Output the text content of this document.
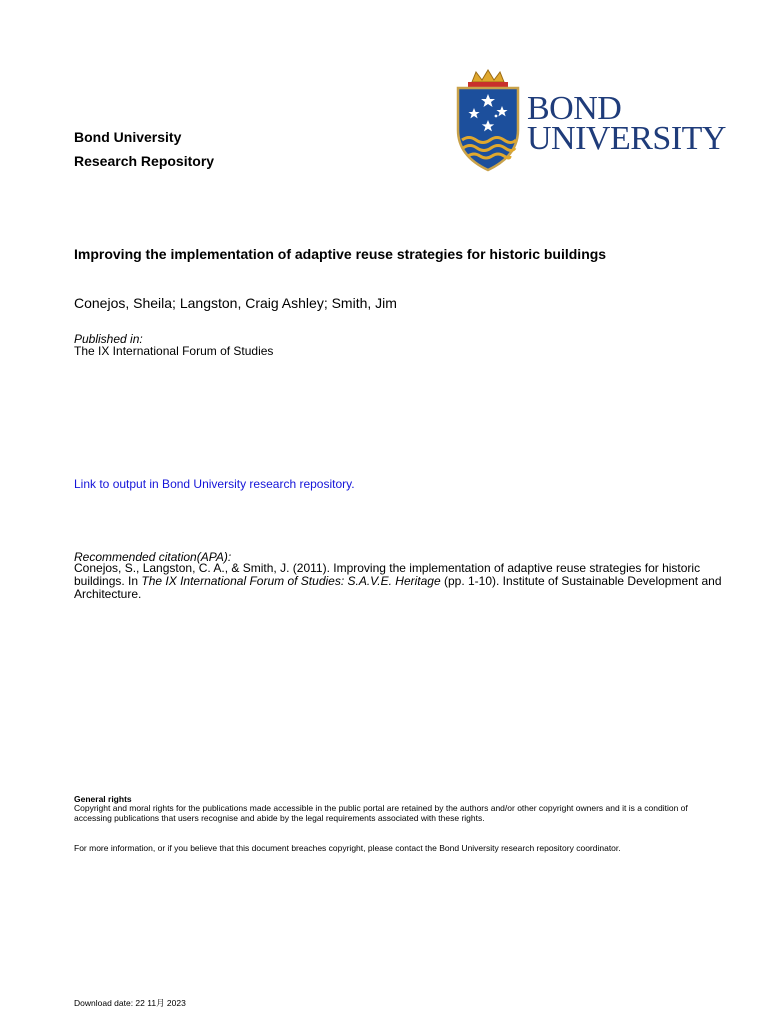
Bond University
Research Repository
BOND
UNIVERSITY
Improving the implementation of adaptive reuse strategies for historic buildings
Conejos, Sheila; Langston, Craig Ashley; Smith, Jim
Published in:
The IX International Forum of Studies
Link to output in Bond University research repository.
Recommended citation(APA):
Conejos, S., Langston, C. A., & Smith, J. (2011). Improving the implementation of adaptive reuse strategies for historic buildings. In The IX International Forum of Studies: S.A.V.E. Heritage (pp. 1-10). Institute of Sustainable Development and Architecture.
General rights
Copyright and moral rights for the publications made accessible in the public portal are retained by the authors and/or other copyright owners and it is a condition of accessing publications that users recognise and abide by the legal requirements associated with these rights.
For more information, or if you believe that this document breaches copyright, please contact the Bond University research repository coordinator.
Download date: 22 11月 2023
